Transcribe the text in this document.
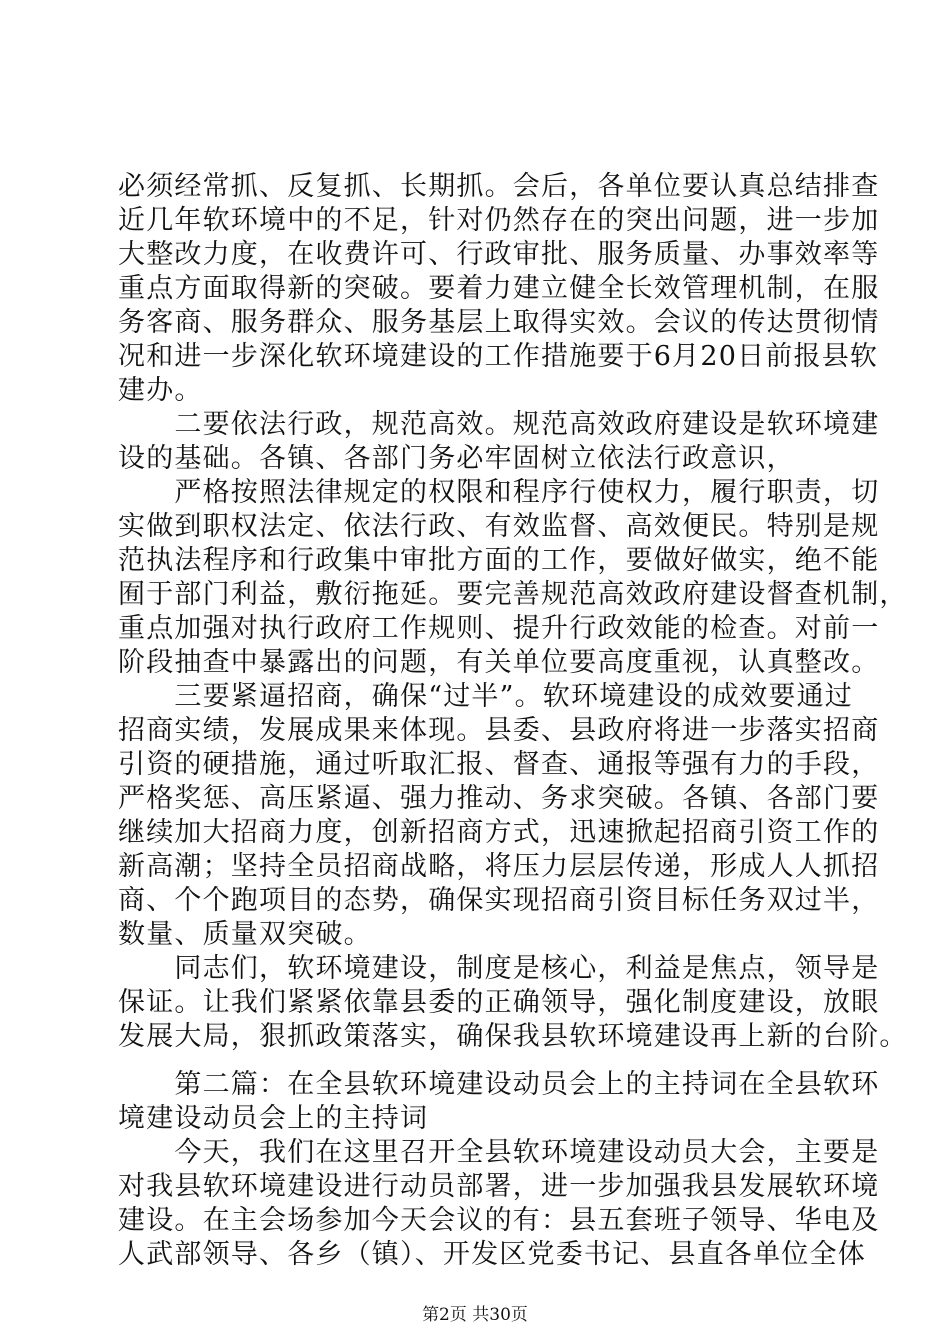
必须经常抓、反复抓、长期抓。会后，各单位要认真总结排查
近几年软环境中的不足，针对仍然存在的突出问题，进一步加
大整改力度，在收费许可、行政审批、服务质量、办事效率等
重点方面取得新的突破。要着力建立健全长效管理机制，在服
务客商、服务群众、服务基层上取得实效。会议的传达贯彻情
况和进一步深化软环境建设的工作措施要于6月20日前报县软
建办。
　　二要依法行政，规范高效。规范高效政府建设是软环境建
设的基础。各镇、各部门务必牢固树立依法行政意识，
　　严格按照法律规定的权限和程序行使权力，履行职责，切
实做到职权法定、依法行政、有效监督、高效便民。特别是规
范执法程序和行政集中审批方面的工作，要做好做实，绝不能
囿于部门利益，敷衍拖延。要完善规范高效政府建设督查机制，
重点加强对执行政府工作规则、提升行政效能的检查。对前一
阶段抽查中暴露出的问题，有关单位要高度重视，认真整改。
　　三要紧逼招商，确保“过半”。软环境建设的成效要通过
招商实绩，发展成果来体现。县委、县政府将进一步落实招商
引资的硬措施，通过听取汇报、督查、通报等强有力的手段，
严格奖惩、高压紧逼、强力推动、务求突破。各镇、各部门要
继续加大招商力度，创新招商方式，迅速掀起招商引资工作的
新高潮；坚持全员招商战略，将压力层层传递，形成人人抓招
商、个个跑项目的态势，确保实现招商引资目标任务双过半，
数量、质量双突破。
　　同志们，软环境建设，制度是核心，利益是焦点，领导是
保证。让我们紧紧依靠县委的正确领导，强化制度建设，放眼
发展大局，狠抓政策落实，确保我县软环境建设再上新的台阶。
　　第二篇：在全县软环境建设动员会上的主持词在全县软环
境建设动员会上的主持词
　　今天，我们在这里召开全县软环境建设动员大会，主要是
对我县软环境建设进行动员部署，进一步加强我县发展软环境
建设。在主会场参加今天会议的有：县五套班子领导、华电及
人武部领导、各乡（镇）、开发区党委书记、县直各单位全体
第2页 共30页
